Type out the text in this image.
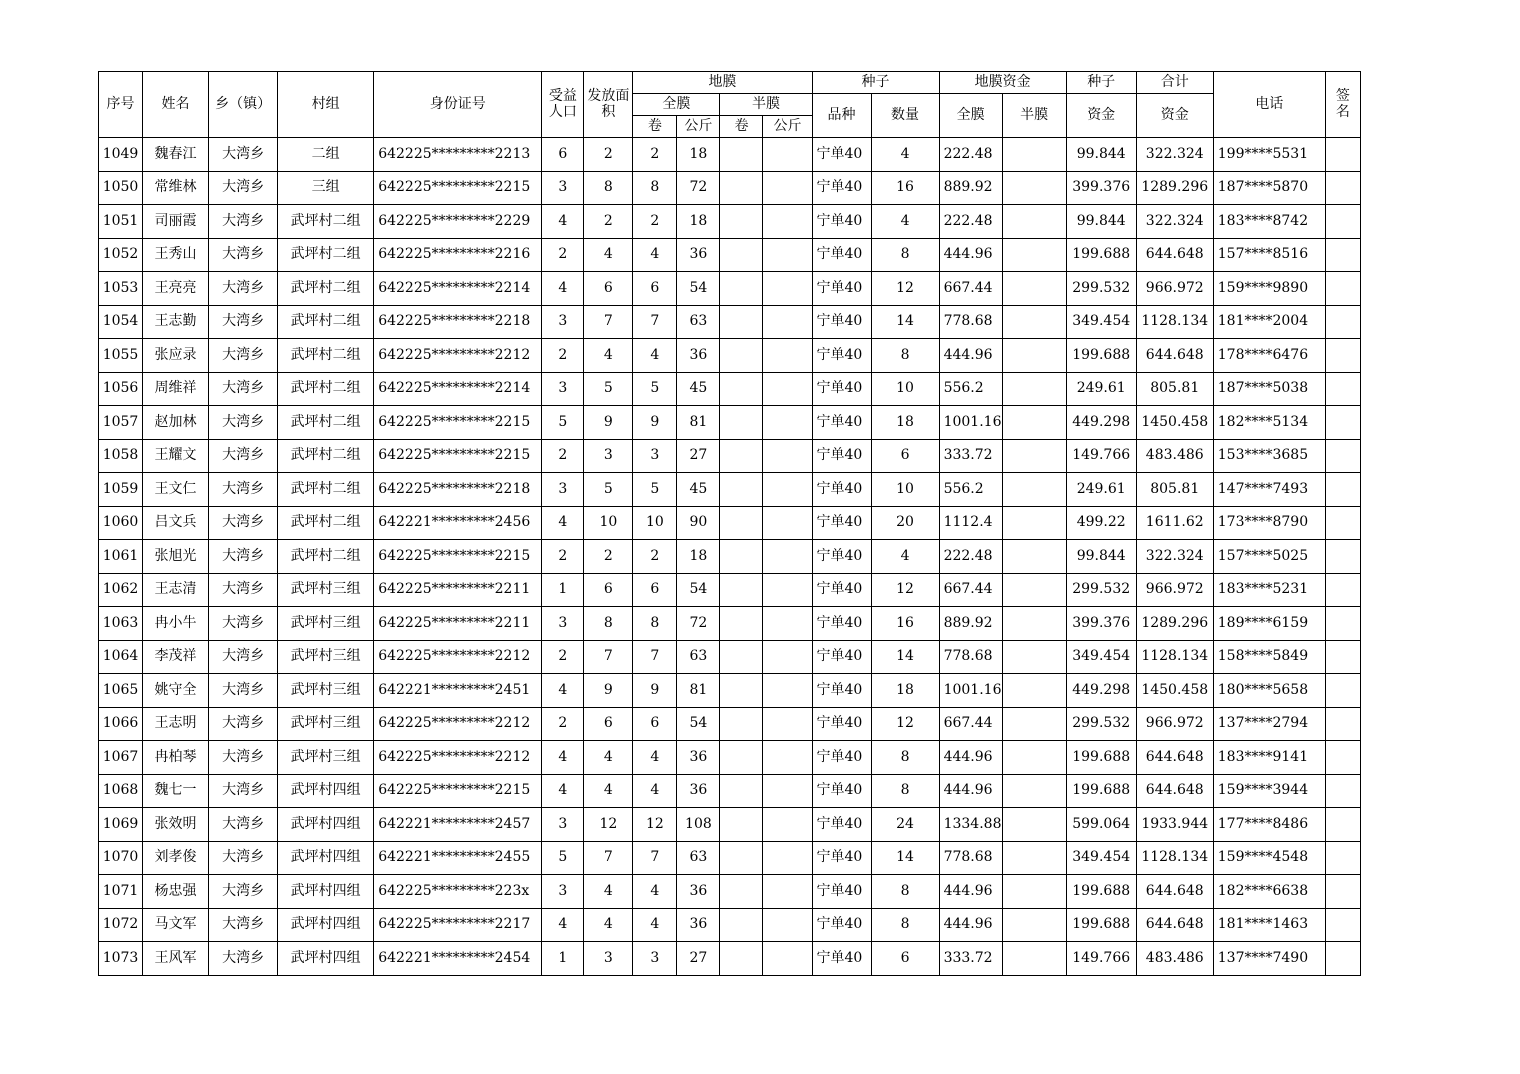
序号	姓名	乡（镇）	村组	身份证号	受益人口	发放面积	地膜				种子		地膜资金		种子	合计	电话	签名
							全膜		半膜		品种	数量	全膜	半膜	资金	资金		
							卷	公斤	卷	公斤								
1049	魏春江	大湾乡	二组	642225*********2213	6	2	2	18			宁单40	4	222.48		99.844	322.324	199****5531	
1050	常维林	大湾乡	三组	642225*********2215	3	8	8	72			宁单40	16	889.92		399.376	1289.296	187****5870	
1051	司丽霞	大湾乡	武坪村二组	642225*********2229	4	2	2	18			宁单40	4	222.48		99.844	322.324	183****8742	
1052	王秀山	大湾乡	武坪村二组	642225*********2216	2	4	4	36			宁单40	8	444.96		199.688	644.648	157****8516	
1053	王亮亮	大湾乡	武坪村二组	642225*********2214	4	6	6	54			宁单40	12	667.44		299.532	966.972	159****9890	
1054	王志勤	大湾乡	武坪村二组	642225*********2218	3	7	7	63			宁单40	14	778.68		349.454	1128.134	181****2004	
1055	张应录	大湾乡	武坪村二组	642225*********2212	2	4	4	36			宁单40	8	444.96		199.688	644.648	178****6476	
1056	周维祥	大湾乡	武坪村二组	642225*********2214	3	5	5	45			宁单40	10	556.2		249.61	805.81	187****5038	
1057	赵加林	大湾乡	武坪村二组	642225*********2215	5	9	9	81			宁单40	18	1001.16		449.298	1450.458	182****5134	
1058	王耀文	大湾乡	武坪村二组	642225*********2215	2	3	3	27			宁单40	6	333.72		149.766	483.486	153****3685	
1059	王文仁	大湾乡	武坪村二组	642225*********2218	3	5	5	45			宁单40	10	556.2		249.61	805.81	147****7493	
1060	吕文兵	大湾乡	武坪村二组	642221*********2456	4	10	10	90			宁单40	20	1112.4		499.22	1611.62	173****8790	
1061	张旭光	大湾乡	武坪村二组	642225*********2215	2	2	2	18			宁单40	4	222.48		99.844	322.324	157****5025	
1062	王志清	大湾乡	武坪村三组	642225*********2211	1	6	6	54			宁单40	12	667.44		299.532	966.972	183****5231	
1063	冉小牛	大湾乡	武坪村三组	642225*********2211	3	8	8	72			宁单40	16	889.92		399.376	1289.296	189****6159	
1064	李茂祥	大湾乡	武坪村三组	642225*********2212	2	7	7	63			宁单40	14	778.68		349.454	1128.134	158****5849	
1065	姚守全	大湾乡	武坪村三组	642221*********2451	4	9	9	81			宁单40	18	1001.16		449.298	1450.458	180****5658	
1066	王志明	大湾乡	武坪村三组	642225*********2212	2	6	6	54			宁单40	12	667.44		299.532	966.972	137****2794	
1067	冉柏琴	大湾乡	武坪村三组	642225*********2212	4	4	4	36			宁单40	8	444.96		199.688	644.648	183****9141	
1068	魏七一	大湾乡	武坪村四组	642225*********2215	4	4	4	36			宁单40	8	444.96		199.688	644.648	159****3944	
1069	张效明	大湾乡	武坪村四组	642221*********2457	3	12	12	108			宁单40	24	1334.88		599.064	1933.944	177****8486	
1070	刘孝俊	大湾乡	武坪村四组	642221*********2455	5	7	7	63			宁单40	14	778.68		349.454	1128.134	159****4548	
1071	杨忠强	大湾乡	武坪村四组	642225*********223x	3	4	4	36			宁单40	8	444.96		199.688	644.648	182****6638	
1072	马文军	大湾乡	武坪村四组	642225*********2217	4	4	4	36			宁单40	8	444.96		199.688	644.648	181****1463	
1073	王风军	大湾乡	武坪村四组	642221*********2454	1	3	3	27			宁单40	6	333.72		149.766	483.486	137****7490	
